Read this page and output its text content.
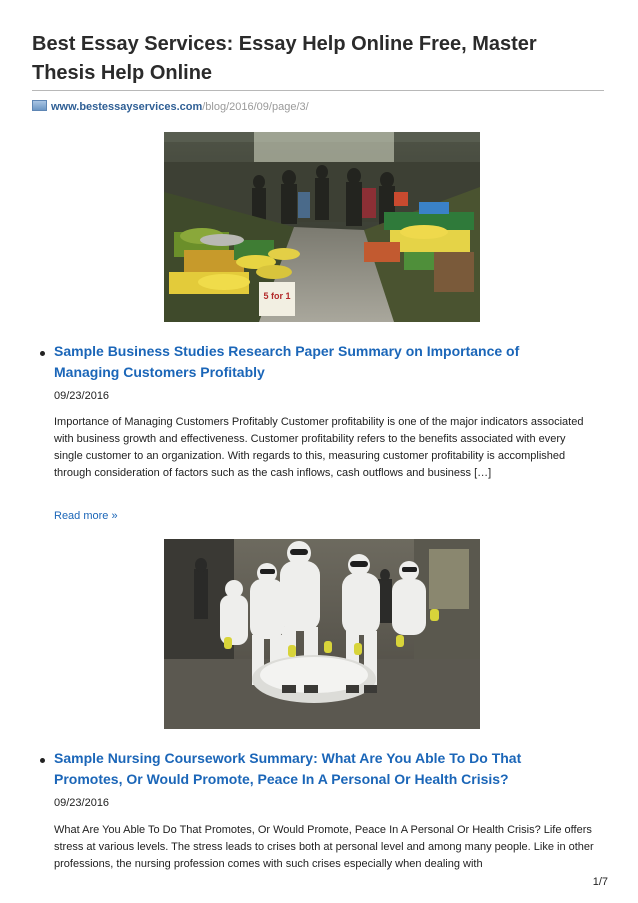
Best Essay Services: Essay Help Online Free, Master Thesis Help Online
www.bestessayservices.com/blog/2016/09/page/3/
5 for 1
Sample Business Studies Research Paper Summary on Importance of Managing Customers Profitably
09/23/2016

Importance of Managing Customers Profitably Customer profitability is one of the major indicators associated with business growth and effectiveness. Customer profitability refers to the benefits associated with every single customer to an organization. With regards to this, measuring customer profitability is accomplished through consideration of factors such as the cash inflows, cash outflows and business […]

Read more »
Sample Nursing Coursework Summary: What Are You Able To Do That Promotes, Or Would Promote, Peace In A Personal Or Health Crisis?
09/23/2016

What Are You Able To Do That Promotes, Or Would Promote, Peace In A Personal Or Health Crisis? Life offers stress at various levels. The stress leads to crises both at personal level and among many people. Like in other professions, the nursing profession comes with such crises especially when dealing with

1/7
